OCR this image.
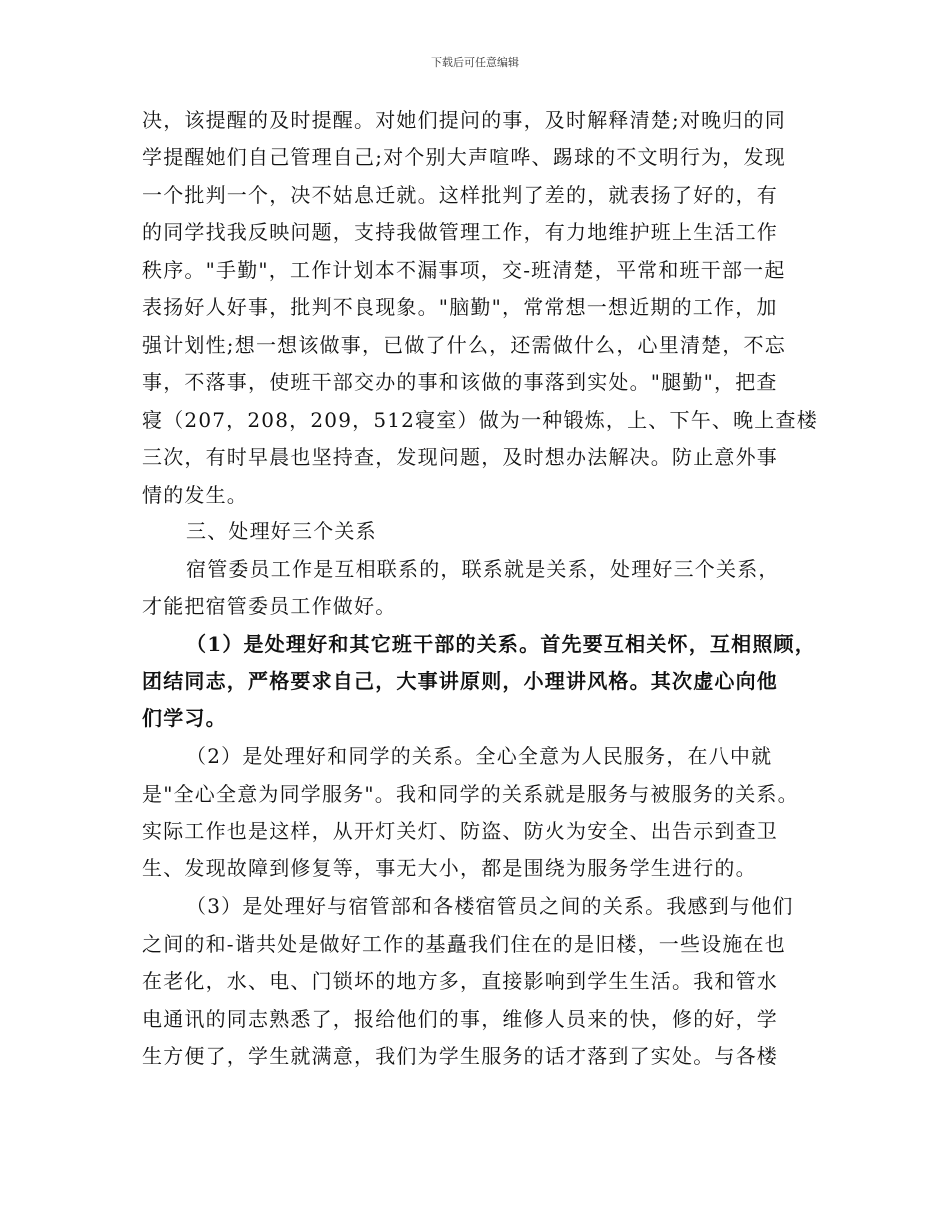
下载后可任意编辑
决，该提醒的及时提醒。对她们提问的事，及时解释清楚;对晚归的同
学提醒她们自己管理自己;对个别大声喧哗、踢球的不文明行为，发现
一个批判一个，决不姑息迁就。这样批判了差的，就表扬了好的，有
的同学找我反映问题，支持我做管理工作，有力地维护班上生活工作
秩序。"手勤"，工作计划本不漏事项，交-班清楚，平常和班干部一起
表扬好人好事，批判不良现象。"脑勤"，常常想一想近期的工作，加
强计划性;想一想该做事，已做了什么，还需做什么，心里清楚，不忘
事，不落事，使班干部交办的事和该做的事落到实处。"腿勤"，把查
寝（207，208，209，512寝室）做为一种锻炼，上、下午、晚上查楼
三次，有时早晨也坚持查，发现问题，及时想办法解决。防止意外事
情的发生。
三、处理好三个关系
宿管委员工作是互相联系的，联系就是关系，处理好三个关系，
才能把宿管委员工作做好。
（1）是处理好和其它班干部的关系。首先要互相关怀，互相照顾，
团结同志，严格要求自己，大事讲原则，小理讲风格。其次虚心向他
们学习。
（2）是处理好和同学的关系。全心全意为人民服务，在八中就
是"全心全意为同学服务"。我和同学的关系就是服务与被服务的关系。
实际工作也是这样，从开灯关灯、防盗、防火为安全、出告示到查卫
生、发现故障到修复等，事无大小，都是围绕为服务学生进行的。
（3）是处理好与宿管部和各楼宿管员之间的关系。我感到与他们
之间的和-谐共处是做好工作的基矗我们住在的是旧楼，一些设施在也
在老化，水、电、门锁坏的地方多，直接影响到学生生活。我和管水
电通讯的同志熟悉了，报给他们的事，维修人员来的快，修的好，学
生方便了，学生就满意，我们为学生服务的话才落到了实处。与各楼
